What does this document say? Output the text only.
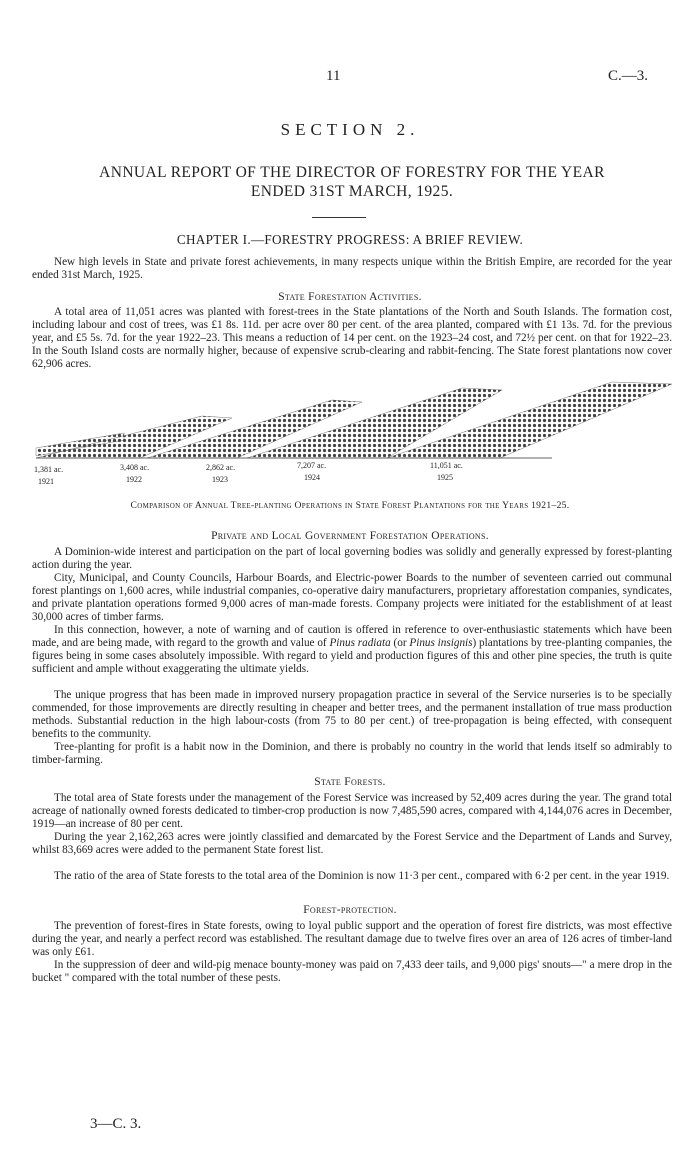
11	C.—3.
SECTION 2.
ANNUAL REPORT OF THE DIRECTOR OF FORESTRY FOR THE YEAR
ENDED 31ST MARCH, 1925.
CHAPTER I.—FORESTRY PROGRESS: A BRIEF REVIEW.

New high levels in State and private forest achievements, in many respects unique within the British Empire, are recorded for the year ended 31st March, 1925.

State Forestation Activities.

A total area of 11,051 acres was planted with forest-trees in the State plantations of the North and South Islands. The formation cost, including labour and cost of trees, was £1 8s. 11d. per acre over 80 per cent. of the area planted, compared with £1 13s. 7d. for the previous year, and £5 5s. 7d. for the year 1922–23. This means a reduction of 14 per cent. on the 1923–24 cost, and 72½ per cent. on that for 1922–23. In the South Island costs are normally higher, because of expensive scrub-clearing and rabbit-fencing. The State forest plantations now cover 62,906 acres.

1,381 ac.
1921
3,408 ac.
1922
2,862 ac.
1923
7,207 ac.
1924
11,051 ac.
1925
Comparison of Annual Tree-planting Operations in State Forest Plantations for the Years 1921–25.
Private and Local Government Forestation Operations.

A Dominion-wide interest and participation on the part of local governing bodies was solidly and generally expressed by forest-planting action during the year.

City, Municipal, and County Councils, Harbour Boards, and Electric-power Boards to the number of seventeen carried out communal forest plantings on 1,600 acres, while industrial companies, co-operative dairy manufacturers, proprietary afforestation companies, syndicates, and private plantation operations formed 9,000 acres of man-made forests. Company projects were initiated for the establishment of at least 30,000 acres of timber farms.

In this connection, however, a note of warning and of caution is offered in reference to over-enthusiastic statements which have been made, and are being made, with regard to the growth and value of Pinus radiata (or Pinus insignis) plantations by tree-planting companies, the figures being in some cases absolutely impossible. With regard to yield and production figures of this and other pine species, the truth is quite sufficient and ample without exaggerating the ultimate yields.

The unique progress that has been made in improved nursery propagation practice in several of the Service nurseries is to be specially commended, for those improvements are directly resulting in cheaper and better trees, and the permanent installation of true mass production methods. Substantial reduction in the high labour-costs (from 75 to 80 per cent.) of tree-propagation is being effected, with consequent benefits to the community.

Tree-planting for profit is a habit now in the Dominion, and there is probably no country in the world that lends itself so admirably to timber-farming.

State Forests.

The total area of State forests under the management of the Forest Service was increased by 52,409 acres during the year. The grand total acreage of nationally owned forests dedicated to timber-crop production is now 7,485,590 acres, compared with 4,144,076 acres in December, 1919—an increase of 80 per cent.

During the year 2,162,263 acres were jointly classified and demarcated by the Forest Service and the Department of Lands and Survey, whilst 83,669 acres were added to the permanent State forest list.

The ratio of the area of State forests to the total area of the Dominion is now 11·3 per cent., compared with 6·2 per cent. in the year 1919.

Forest-protection.

The prevention of forest-fires in State forests, owing to loyal public support and the operation of forest fire districts, was most effective during the year, and nearly a perfect record was established. The resultant damage due to twelve fires over an area of 126 acres of timber-land was only £61.

In the suppression of deer and wild-pig menace bounty-money was paid on 7,433 deer tails, and 9,000 pigs' snouts—" a mere drop in the bucket " compared with the total number of these pests.

3—C. 3.
